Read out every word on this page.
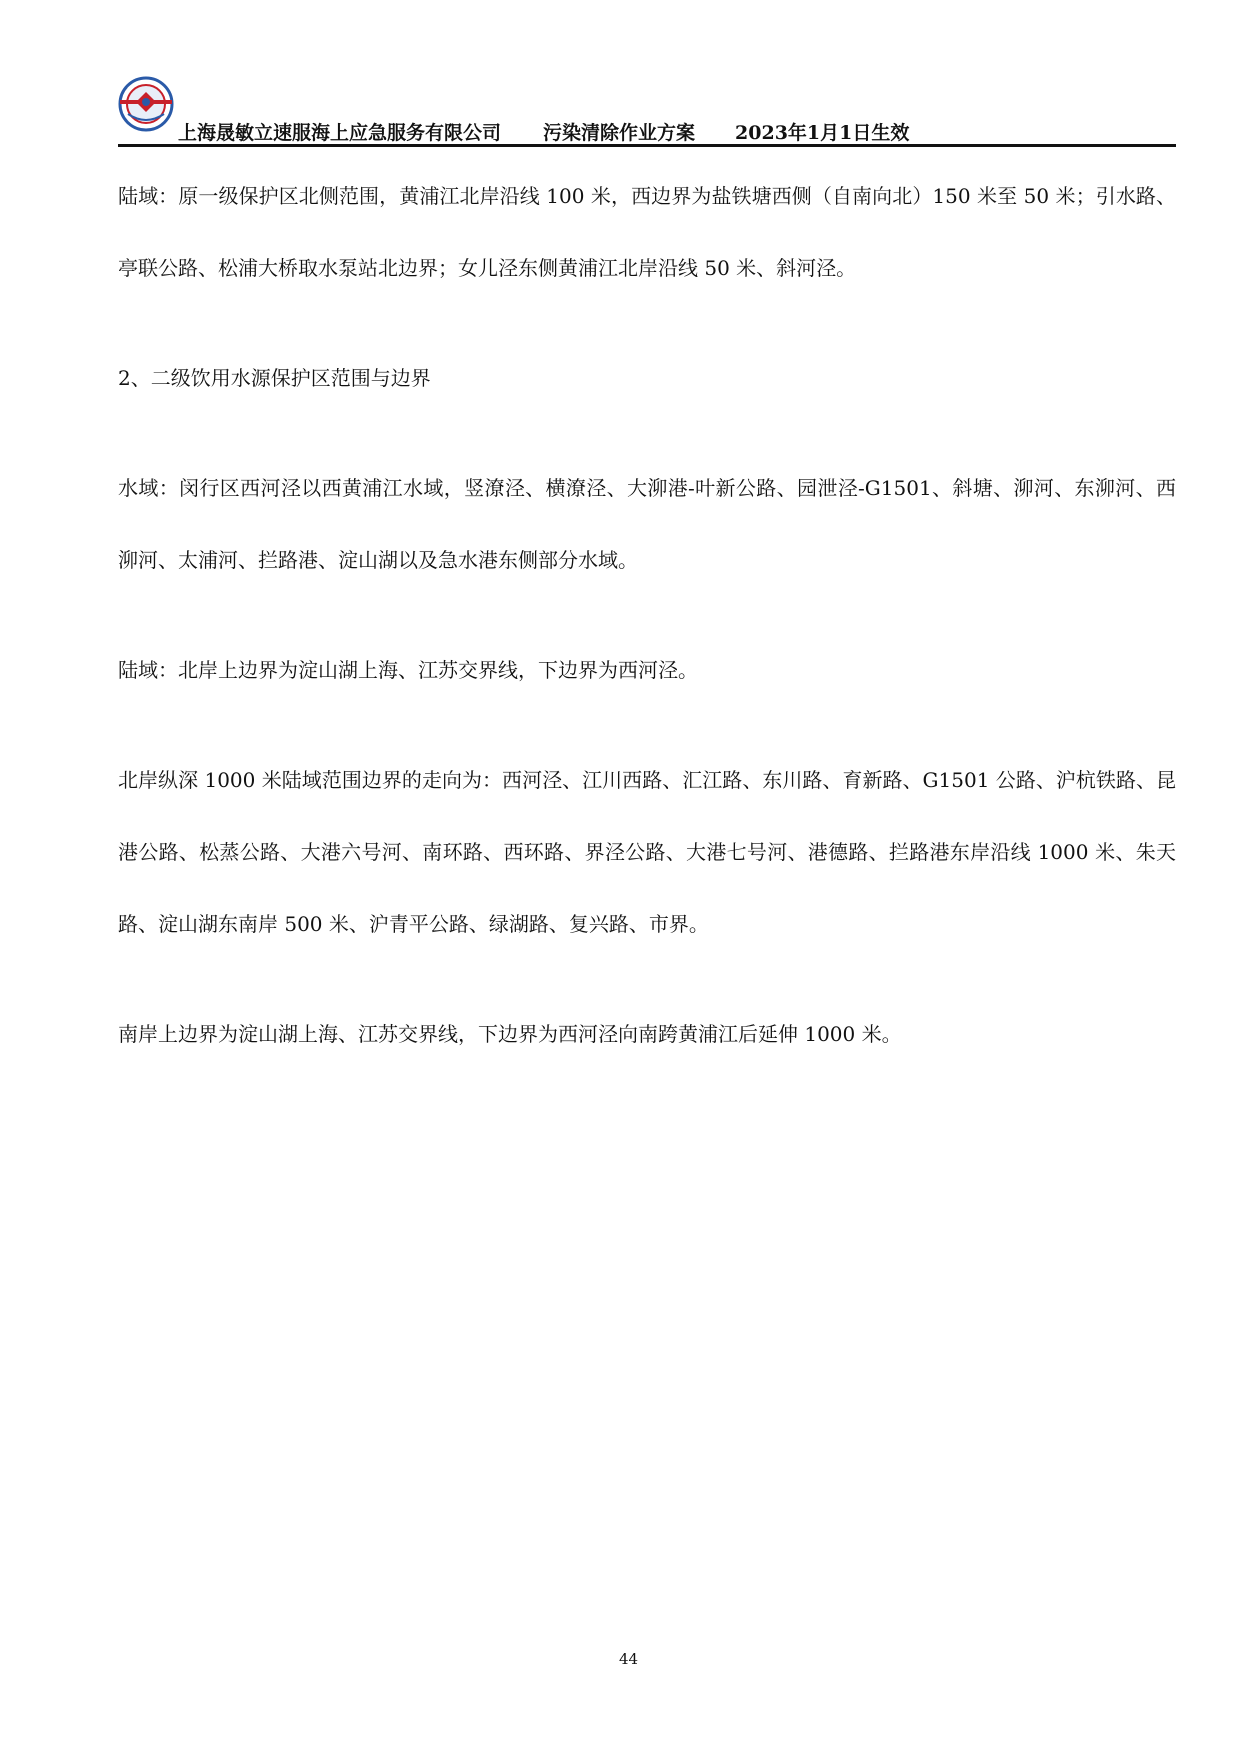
上海晟敏立速服海上应急服务有限公司 污染清除作业方案 2023年1月1日生效

陆域：原一级保护区北侧范围，黄浦江北岸沿线 100 米，西边界为盐铁塘西侧（自南向北）150 米至 50 米；引水路、亭联公路、松浦大桥取水泵站北边界；女儿泾东侧黄浦江北岸沿线 50 米、斜河泾。

2、二级饮用水源保护区范围与边界

水域：闵行区西河泾以西黄浦江水域，竖潦泾、横潦泾、大泖港-叶新公路、园泄泾-G1501、斜塘、泖河、东泖河、西泖河、太浦河、拦路港、淀山湖以及急水港东侧部分水域。

陆域：北岸上边界为淀山湖上海、江苏交界线，下边界为西河泾。

北岸纵深 1000 米陆域范围边界的走向为：西河泾、江川西路、汇江路、东川路、育新路、G1501 公路、沪杭铁路、昆港公路、松蒸公路、大港六号河、南环路、西环路、界泾公路、大港七号河、港德路、拦路港东岸沿线 1000 米、朱天路、淀山湖东南岸 500 米、沪青平公路、绿湖路、复兴路、市界。

南岸上边界为淀山湖上海、江苏交界线，下边界为西河泾向南跨黄浦江后延伸 1000 米。

44
